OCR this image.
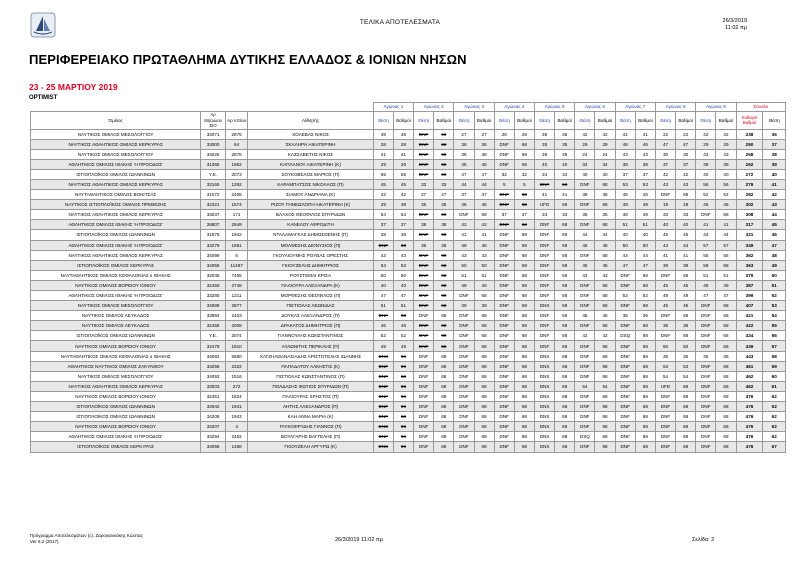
ΤΕΛΙΚΑ ΑΠΟΤΕΛΕΣΜΑΤΑ	26/3/2019
11:02 πμ
ΠΕΡΙΦΕΡΕΙΑΚΟ ΠΡΩΤΑΘΛΗΜΑ ΔΥΤΙΚΗΣ ΕΛΛΑΔΟΣ & ΙΟΝΙΩΝ ΝΗΣΩΝ
23 - 25 ΜΑΡΤΙΟΥ 2019
OPTIMIST
				Αγώνας 1		Αγώνας 2		Αγώνας 3		Αγώνας 4		Αγώνας 5		Αγώνας 6		Αγώνας 7		Αγώνας 8		Αγώνας 9		Σύνολο	
Όμιλος	Αρ Μητρώου ΕΙΟ	Αρ Ιστίου	Αθλητής	Θέση	Βαθμοί	Θέση	Βαθμοί	Θέση	Βαθμοί	Θέση	Βαθμοί	Θέση	Βαθμοί	Θέση	Βαθμοί	Θέση	Βαθμοί	Θέση	Βαθμοί	Θέση	Βαθμοί	Καθαροί Βαθμοί	Θέση
ΝΑΥΤΙΚΟΣ ΟΜΙΛΟΣ ΜΕΣΟΛΟΓΓΙΟΥ	34071	2875	ΧΟΛΕΒΑΣ ΝΙΚΟΣ	48	48	DNF	68	27	27	28	28	36	36	42	42	41	41	22	22	42	42	238	36
ΝΑΥΤΙΚΟΣ ΑΘΛΗΤΙΚΟΣ ΟΜΙΛΟΣ ΚΕΡΚΥΡΑΣ	33000	64	ΣΚΑΛΗΡΗ ΑΙΚΑΤΕΡΙΝΗ	28	28	DNF	68	36	36	DNF	68	35	35	29	29	46	46	47	47	29	29	250	37
ΝΑΥΤΙΚΟΣ ΟΜΙΛΟΣ ΜΕΣΟΛΟΓΓΙΟΥ	34025	2876	ΚΑΣΣΑΒΕΤΗΣ ΝΙΚΟΣ	41	41	DNF	68	38	38	DNF	68	39	39	24	24	43	43	30	30	43	43	258	38
ΑΘΛΗΤΙΚΟΣ ΟΜΙΛΟΣ ΙΘΑΚΗΣ 'Η ΠΡΟΟΔΟΣ'	31365	1982	ΚΑΠΛΑΝΟΥ ΑΙΚΑΤΕΡΙΝΗ (Κ)	29	29	DNF	68	45	45	DNF	68	40	40	34	34	38	38	37	37	39	39	262	39
ΙΣΤΙΟΠΛΟΪΚΟΣ ΟΜΙΛΟΣ ΙΩΑΝΝΙΝΩΝ	Y.E.	2073	ΣΟΥΚΟΒΕΛΟΣ ΜΑΡΙΟΣ (Π)	55	55	DNF	68	47	47	32	32	34	34	40	40	37	37	42	42	40	40	272	40
ΝΑΥΤΙΚΟΣ ΑΘΛΗΤΙΚΟΣ ΟΜΙΛΟΣ ΚΕΡΚΥΡΑΣ	33165	1292	ΚΑΡΑΜΠΑΤΣΟΣ ΝΙΚΟΛΑΟΣ (Π)	45	45	33	33	44	44	5	5	DNF	68	DNF	68	53	53	43	43	56	56	279	41
ΝΑΥΤΑΘΛΗΤΙΚΟΣ ΟΜΙΛΟΣ ΒΟΝΙΤΣΑΣ	31072	2408	ΣΙΑΜΟΥ ΑΝΔΡΙΑΝΑ (Κ)	42	42	27	27	37	37	DNF	68	41	41	38	38	45	45	DNF	68	52	52	282	42
ΝΑΥΤΙΚΟΣ ΙΣΤΙΟΠΛΟΪΚΟΣ ΟΜΙΛΟΣ ΠΡΕΒΕΖΗΣ	32321	1574	ΡΙΖΟΥ ΓΗΝΕΩΛΟΠΗ ΑΙΚΑΤΕΡΙΝΗ (Κ)	39	39	35	35	46	46	DNF	68	UFD	68	DNF	68	49	49	19	19	46	46	302	43
ΝΑΥΤΙΚΟΣ ΑΘΛΗΤΙΚΟΣ ΟΜΙΛΟΣ ΚΕΡΚΥΡΑΣ	33037	171	ΒΛΑΧΟΣ ΘΕΟΦΙΛΟΣ ΣΠΥΡΙΔΩΝ	54	54	DNF	68	DNF	68	37	37	33	33	35	35	48	48	33	33	DNF	68	308	44
ΑΘΛΗΤΙΚΟΣ ΟΜΙΛΟΣ ΙΘΑΚΗΣ 'Η ΠΡΟΟΔΟΣ'	26807	2649	ΚΑΝΕΛΟΥ ΑΦΡΟΔΙΤΗ	37	37	38	38	42	42	DNF	68	DNF	68	DNF	68	51	51	40	40	41	41	317	45
ΙΣΤΙΟΠΛΟΪΚΟΣ ΟΜΙΛΟΣ ΙΩΑΝΝΙΝΩΝ	31878	1942	ΝΤΑΛΑΜΑΓΚΑΣ ΔΗΜΟΣΘΕΝΗΣ (Π)	38	38	DNF	68	41	41	DNF	68	DNF	68	44	44	40	40	46	46	44	44	321	46
ΑΘΛΗΤΙΚΟΣ ΟΜΙΛΟΣ ΙΘΑΚΗΣ 'Η ΠΡΟΟΔΟΣ'	33279	1961	ΜΟΛΦΕΣΗΣ ΔΙΟΝΥΣΙΟΣ (Π)	DNF	68	36	36	48	48	DNF	68	DNF	68	46	46	50	50	44	44	57	57	349	47
ΝΑΥΤΙΚΟΣ ΑΘΛΗΤΙΚΟΣ ΟΜΙΛΟΣ ΚΕΡΚΥΡΑΣ	34099	6	ΓΚΟΥΛΙΟΥΜΗΣ ΡΟΥΒΑΣ ΟΡΕΣΤΗΣ	43	43	DNF	68	43	43	DNF	68	DNF	68	DNF	68	44	44	41	41	55	55	362	48
ΙΣΤΙΟΠΛΟΪΚΟΣ ΟΜΙΛΟΣ ΚΕΡΚΥΡΑΣ	34055	11487	ΓΚΙΟΥΖΕΛΗΣ ΔΗΜΗΤΡΙΟΣ	53	53	DNF	68	50	50	DNF	68	DNF	68	45	45	47	47	39	39	58	58	363	49
ΝΑΥΤΑΘΛΗΤΙΚΟΣ ΟΜΙΛΟΣ ΚΕΦΑΛΟΝΙΑΣ κ ΙΘΑΚΗΣ	32046	7465	ΡΟΥΣΤΕΜΑΙ ΚΡΙΣΑ	50	50	DNF	68	51	51	DNF	68	DNF	68	43	43	DNF	68	DNF	68	51	51	379	50
ΝΑΥΤΙΚΟΣ ΟΜΙΛΟΣ ΒΟΡΕΙΟΥ ΙΟΝΙΟΥ	32450	2748	ΠΑΛΙΟΥΡΑ ΑΛΕΞΑΝΔΡΑ (Κ)	40	40	DNF	68	49	49	DNF	68	DNF	68	DNF	68	DNF	68	45	45	49	49	387	51
ΑΘΛΗΤΙΚΟΣ ΟΜΙΛΟΣ ΙΘΑΚΗΣ 'Η ΠΡΟΟΔΟΣ'	33280	1211	ΜΟΡΦΕΣΗΣ ΘΕΟΦΙΛΟΣ (Π)	47	47	DNF	68	DNF	68	DNF	68	DNF	68	DNF	68	52	52	49	49	47	47	399	52
ΝΑΥΤΙΚΟΣ ΟΜΙΛΟΣ ΜΕΣΟΛΟΓΓΙΟΥ	34088	2877	ΠΙΣΤΙΟΛΑΣ ΛΕΩΝΙΔΑΣ	51	51	DNF	68	39	39	DNF	68	DNS	68	DNF	68	DNF	68	45	45	DNF	68	407	53
ΝΑΥΤΙΚΟΣ ΟΜΙΛΟΣ ΛΕΥΚΑΔΟΣ	33894	2403	ΔΟΥΚΑΣ ΑΛΕΞΑΝΔΡΟΣ (Π)	DNF	68	DNF	68	DNF	68	DNF	68	DNF	68	45	45	36	36	DNF	68	DNF	68	421	54
ΝΑΥΤΙΚΟΣ ΟΜΙΛΟΣ ΛΕΥΚΑΔΟΣ	32458	2008	ΔΡΑΚΑΤΟΣ ΔΗΜΗΤΡΙΟΣ (Π)	46	46	DNF	68	DNF	68	DNF	68	DNF	68	DNF	68	DNF	68	36	36	DNF	68	422	55
ΙΣΤΙΟΠΛΟΪΚΟΣ ΟΜΙΛΟΣ ΙΩΑΝΝΙΝΩΝ	Y.E.	2074	ΓΙΑΝΝΟΥΛΗΣ ΚΩΝΣΤΑΝΤΙΝΟΣ	52	52	DNF	68	DNF	68	DNF	68	DNF	68	42	42	DSQ	68	DNF	68	DNF	68	434	56
ΝΑΥΤΙΚΟΣ ΟΜΙΛΟΣ ΒΟΡΕΙΟΥ ΙΟΝΙΟΥ	32479	1910	ΑΥΛΩΝΙΤΗΣ ΠΕΡΙΚΛΗΣ (Π)	49	49	DNF	68	DNF	68	DNF	68	DNF	68	DNF	68	DNF	68	50	50	DNF	68	439	57
ΝΑΥΤΑΘΛΗΤΙΚΟΣ ΟΜΙΛΟΣ ΚΕΦΑΛΟΝΙΑΣ κ ΙΘΑΚΗΣ	34092	5680	ΧΑΤΖΗΑΘΑΝΑΣΙΑΔΗΣ ΑΡΙΣΤΟΤΕΛΗΣ ΙΩΑΝΝΗΣ	DNS	68	DNF	68	DNF	68	DNF	68	DNS	68	DNF	68	DNF	68	35	35	35	35	443	58
ΑΘΛΗΤΙΚΟΣ ΝΑΥΤΙΚΟΣ ΟΜΙΛΟΣ ΖΑΚΥΝΘΟΥ	33258	2322	ΠΑΠΑΔΑΤΟΥ ΑΛΚΗΣΤΙΣ (Κ)	DNF	68	DNF	68	DNF	68	DNF	68	DNS	68	DNF	68	DNF	68	53	53	DNF	68	461	59
ΝΑΥΤΙΚΟΣ ΟΜΙΛΟΣ ΜΕΣΟΛΟΓΓΙΟΥ	34093	1516	ΠΙΣΤΙΟΛΑΣ ΚΩΝΣΤΑΝΤΙΝΟΣ (Π)	DNF	68	DNF	68	DNF	68	DNF	68	DNS	68	DNF	68	DNF	68	54	54	DNF	68	462	60
ΝΑΥΤΙΚΟΣ ΑΘΛΗΤΙΚΟΣ ΟΜΙΛΟΣ ΚΕΡΚΥΡΑΣ	33003	272	ΠΟΛΔΑΣΗΣ ΦΩΤΙΟΣ ΣΠΥΡΙΔΩΝ (Π)	DNF	68	DNF	68	DNF	68	DNF	68	DNS	68	54	54	DNF	68	UFD	68	DNF	68	462	61
ΝΑΥΤΙΚΟΣ ΟΜΙΛΟΣ ΒΟΡΕΙΟΥ ΙΟΝΙΟΥ	32451	1524	ΠΑΛΙΟΥΡΑΣ ΧΡΗΣΤΟΣ (Π)	DNF	68	DNF	68	DNF	68	DNF	68	DNS	68	DNF	68	DNF	68	DNF	68	DNF	68	476	62
ΙΣΤΙΟΠΛΟΪΚΟΣ ΟΜΙΛΟΣ ΙΩΑΝΝΙΝΩΝ	32942	1941	ΛΗΤΗΣ ΑΛΕΞΑΝΔΡΟΣ (Π)	DNF	68	DNF	68	DNF	68	DNF	68	DNS	68	DNF	68	DNF	68	DNF	68	DNF	68	476	62
ΙΣΤΙΟΠΛΟΪΚΟΣ ΟΜΙΛΟΣ ΙΩΑΝΝΙΝΩΝ	34208	1943	ΚΑΗ ΑΝΝΑ ΜΑΡΙΑ (Κ)	DNF	68	DNF	68	DNF	68	DNF	68	DNS	68	DNF	68	DNF	68	DNF	68	DNF	68	476	62
ΝΑΥΤΙΚΟΣ ΟΜΙΛΟΣ ΒΟΡΕΙΟΥ ΙΟΝΙΟΥ	34207	4	ΓΛΥΚΟΦΡΥΔΗΣ ΓΙΑΝΝΟΣ (Π)	DNS	68	DNF	68	DNF	68	DNF	68	DNS	68	DNF	68	DNF	68	DNF	68	DNF	68	476	62
ΑΘΛΗΤΙΚΟΣ ΟΜΙΛΟΣ ΙΘΑΚΗΣ 'Η ΠΡΟΟΔΟΣ'	33294	2462	ΒΟΥΛΓΑΡΗΣ ΒΑΓΓΕΛΗΣ (Π)	DNF	68	DNF	68	DNF	68	DNF	68	DNS	68	DSQ	68	DNF	68	DNF	68	DNF	68	476	62
ΙΣΤΙΟΠΛΟΪΚΟΣ ΟΜΙΛΟΣ ΚΕΡΚΥΡΑΣ	34058	1488	ΓΚΙΟΥΖΕΛΗ ΑΡΓΥΡΩ (Κ)	DNS	68	DNF	68	DNF	68	DNF	68	DNS	68	DNF	68	DNF	68	DNF	68	DNF	68	476	67
Πρόγραμμα Αποτελεσμάτων (c). Ζαρογιαννάκης Κώστας
Ver 6.2 (2017)	26/3/2019 11:02 πμ	Σελίδα: 2
